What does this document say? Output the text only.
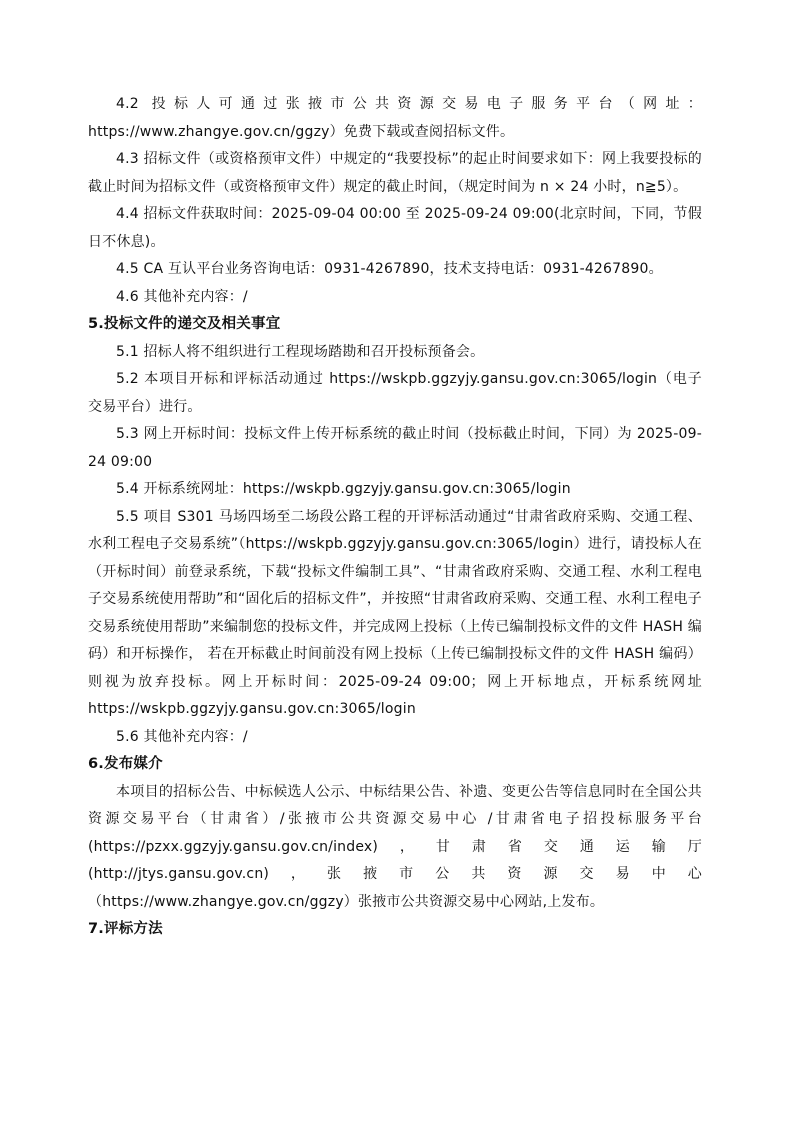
4.2 投标人可通过张掖市公共资源交易电子服务平台（网址：https://www.zhangye.gov.cn/ggzy）免费下载或查阅招标文件。

4.3 招标文件（或资格预审文件）中规定的“我要投标”的起止时间要求如下：网上我要投标的截止时间为招标文件（或资格预审文件）规定的截止时间，（规定时间为 n × 24 小时，n≧5）。

4.4 招标文件获取时间：2025-09-04 00:00 至 2025-09-24 09:00(北京时间，下同，节假日不休息)。

4.5 CA 互认平台业务咨询电话：0931-4267890，技术支持电话：0931-4267890。

4.6 其他补充内容：/

5.投标文件的递交及相关事宜

5.1 招标人将不组织进行工程现场踏勘和召开投标预备会。

5.2 本项目开标和评标活动通过 https://wskpb.ggzyjy.gansu.gov.cn:3065/login（电子交易平台）进行。

5.3 网上开标时间：投标文件上传开标系统的截止时间（投标截止时间，下同）为 2025-09-24 09:00

5.4 开标系统网址：https://wskpb.ggzyjy.gansu.gov.cn:3065/login

5.5 项目 S301 马场四场至二场段公路工程的开评标活动通过“甘肃省政府采购、交通工程、水利工程电子交易系统”（https://wskpb.ggzyjy.gansu.gov.cn:3065/login）进行，请投标人在（开标时间）前登录系统，下载“投标文件编制工具”、“甘肃省政府采购、交通工程、水利工程电子交易系统使用帮助”和“固化后的招标文件”，并按照“甘肃省政府采购、交通工程、水利工程电子交易系统使用帮助”来编制您的投标文件，并完成网上投标（上传已编制投标文件的文件 HASH 编码）和开标操作， 若在开标截止时间前没有网上投标（上传已编制投标文件的文件 HASH 编码）则视为放弃投标。网上开标时间：2025-09-24 09:00；网上开标地点，开标系统网址 https://wskpb.ggzyjy.gansu.gov.cn:3065/login

5.6 其他补充内容：/

6.发布媒介

本项目的招标公告、中标候选人公示、中标结果公告、补遗、变更公告等信息同时在全国公共资源交易平台（甘肃省）/张掖市公共资源交易中心 /甘肃省电子招投标服务平台 (https://pzxx.ggzyjy.gansu.gov.cn/index)，甘肃省交通运输厅 (http://jtys.gansu.gov.cn)，张掖市公共资源交易中心（https://www.zhangye.gov.cn/ggzy）张掖市公共资源交易中心网站,上发布。

7.评标方法
